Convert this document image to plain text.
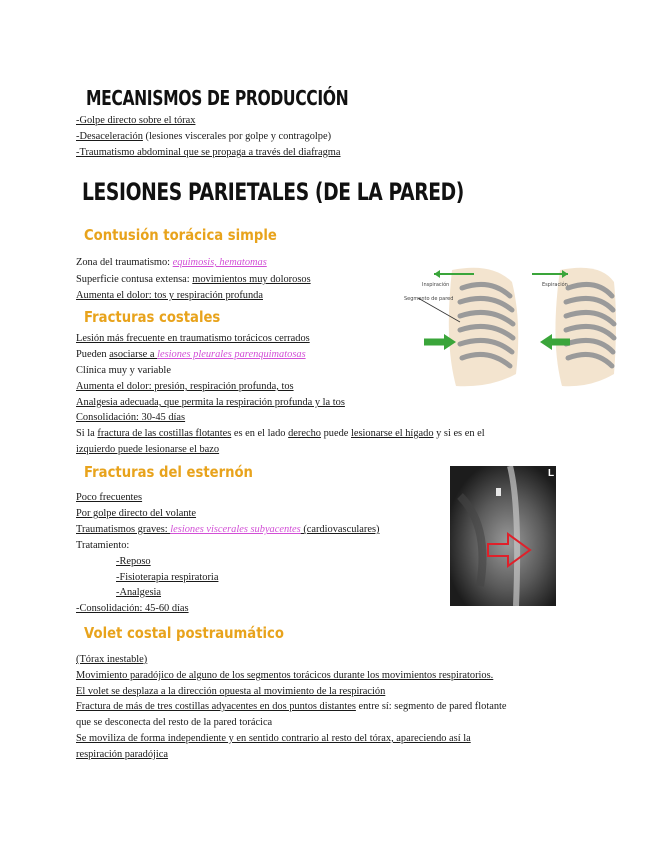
MECANISMOS DE PRODUCCIÓN
-Golpe directo sobre el tórax
-Desaceleración (lesiones viscerales por golpe y contragolpe)
-Traumatismo abdominal que se propaga a través del diafragma
LESIONES PARIETALES (DE LA PARED)
Contusión torácica simple
Zona del traumatismo: equimosis, hematomas
Superficie contusa extensa: movimientos muy dolorosos
Aumenta el dolor: tos y respiración profunda
Fracturas costales
Lesión más frecuente en traumatismo torácicos cerrados
Pueden asociarse a lesiones pleurales parenquimatosas
Clínica muy y variable
Aumenta el dolor: presión, respiración profunda, tos
Analgesia adecuada, que permita la respiración profunda y la tos
Consolidación: 30-45 días
Si la fractura de las costillas flotantes es en el lado derecho puede lesionarse el hígado y si es en el
izquierdo puede lesionarse el bazo
Inspiración
Segmento de pared
Espiración
Fracturas del esternón
Poco frecuentes
Por golpe directo del volante
Traumatismos graves: lesiones viscerales subyacentes (cardiovasculares)
Tratamiento:
-Reposo
-Fisioterapia respiratoria
-Analgesia
-Consolidación: 45-60 días
L
Volet costal postraumático
(Tórax inestable)
Movimiento paradójico de alguno de los segmentos torácicos durante los movimientos respiratorios.
El volet se desplaza a la dirección opuesta al movimiento de la respiración
Fractura de más de tres costillas adyacentes en dos puntos distantes entre sí: segmento de pared flotante
que se desconecta del resto de la pared torácica
Se moviliza de forma independiente y en sentido contrario al resto del tórax, apareciendo así la
respiración paradójica
